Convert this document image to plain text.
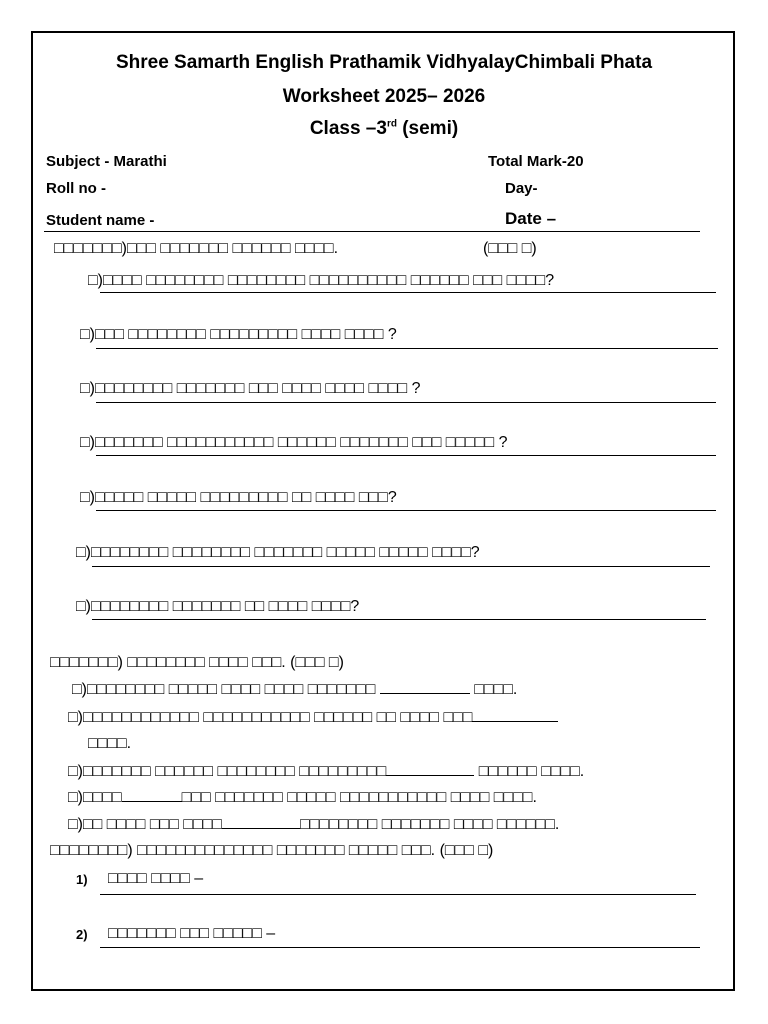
Shree Samarth English Prathamik VidhyalayChimbali Phata
Worksheet 2025– 2026
Class –3rd (semi)
Subject - Marathi	Total Mark-20
Roll no -	Day-
Student name -	Date –
□□□□□□□)□□□ □□□□□□□ □□□□□□ □□□□.	(□□□ □)
□)□□□□ □□□□□□□□ □□□□□□□□ □□□□□□□□□□ □□□□□□ □□□ □□□□?
□)□□□ □□□□□□□□ □□□□□□□□□ □□□□ □□□□ ?
□)□□□□□□□□ □□□□□□□ □□□ □□□□ □□□□ □□□□ ?
□)□□□□□□□ □□□□□□□□□□□ □□□□□□ □□□□□□□ □□□ □□□□□ ?
□)□□□□□ □□□□□ □□□□□□□□□ □□ □□□□ □□□?
□)□□□□□□□□ □□□□□□□□ □□□□□□□ □□□□□ □□□□□ □□□□?
□)□□□□□□□□ □□□□□□□ □□ □□□□ □□□□?
□□□□□□□) □□□□□□□□ □□□□ □□□. (□□□ □)
□)□□□□□□□□ □□□□□ □□□□ □□□□ □□□□□□□	□□□□.
□)□□□□□□□□□□□□ □□□□□□□□□□□ □□□□□□ □□ □□□□ □□□
□□□□.
□)□□□□□□□ □□□□□□ □□□□□□□□ □□□□□□□□□	□□□□□□ □□□□.
□)□□□□	□□□ □□□□□□□ □□□□□ □□□□□□□□□□□ □□□□ □□□□.
□)□□ □□□□ □□□ □□□□	□□□□□□□□ □□□□□□□ □□□□ □□□□□□.
□□□□□□□□) □□□□□□□□□□□□□□ □□□□□□□ □□□□□ □□□. (□□□ □)
1) □□□□ □□□□ –
2) □□□□□□□ □□□ □□□□□ –
